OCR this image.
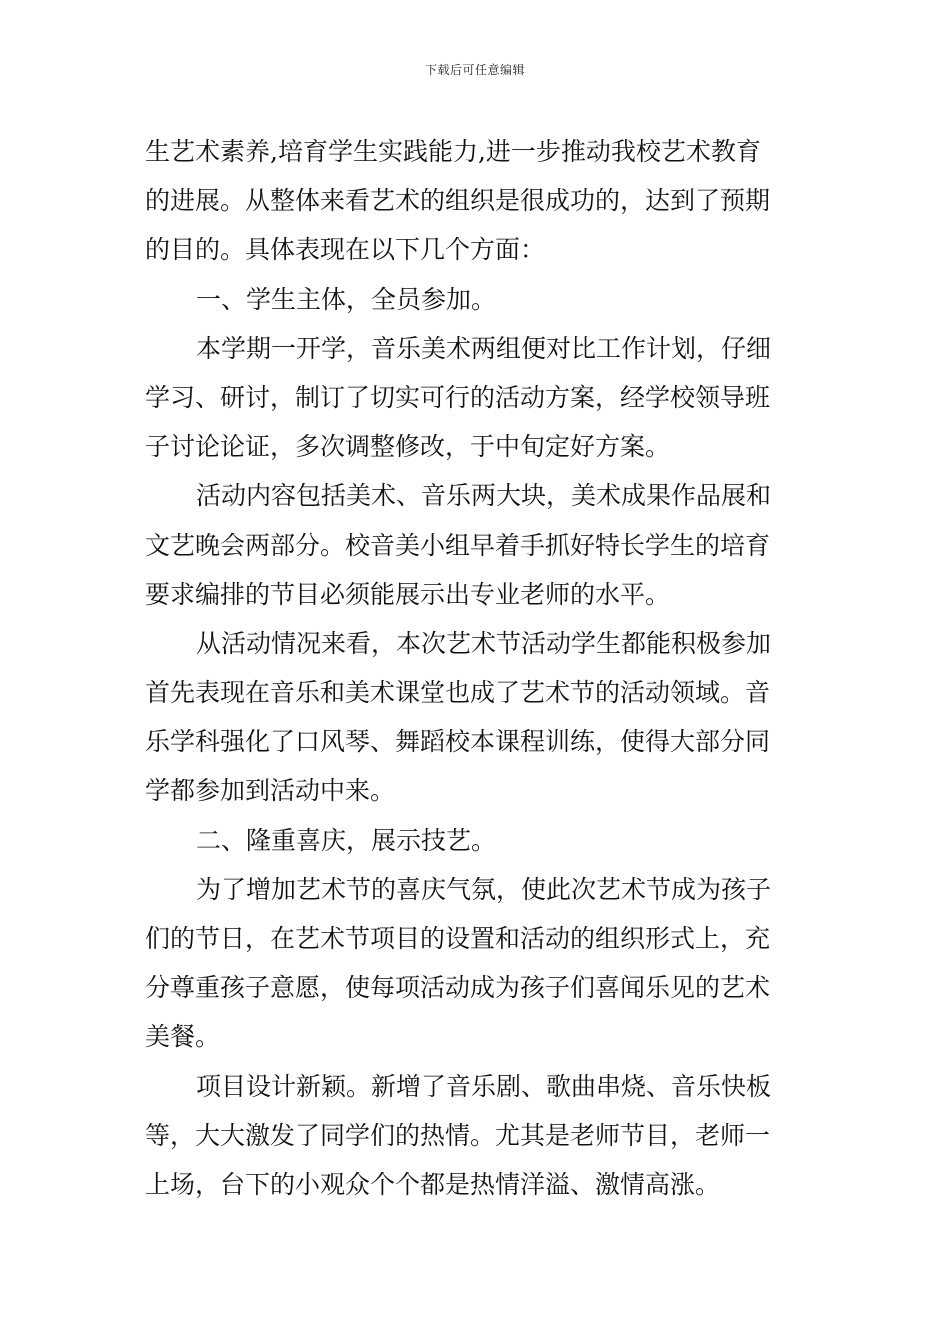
下载后可任意编辑
生艺术素养,培育学生实践能力,进一步推动我校艺术教育
的进展。从整体来看艺术的组织是很成功的，达到了预期
的目的。具体表现在以下几个方面：
一、学生主体，全员参加。
本学期一开学，音乐美术两组便对比工作计划，仔细
学习、研讨，制订了切实可行的活动方案，经学校领导班
子讨论论证，多次调整修改，于中旬定好方案。
活动内容包括美术、音乐两大块，美术成果作品展和
文艺晚会两部分。校音美小组早着手抓好特长学生的培育
要求编排的节目必须能展示出专业老师的水平。
从活动情况来看，本次艺术节活动学生都能积极参加
首先表现在音乐和美术课堂也成了艺术节的活动领域。音
乐学科强化了口风琴、舞蹈校本课程训练，使得大部分同
学都参加到活动中来。
二、隆重喜庆，展示技艺。
为了增加艺术节的喜庆气氛，使此次艺术节成为孩子
们的节日，在艺术节项目的设置和活动的组织形式上，充
分尊重孩子意愿，使每项活动成为孩子们喜闻乐见的艺术
美餐。
项目设计新颖。新增了音乐剧、歌曲串烧、音乐快板
等，大大激发了同学们的热情。尤其是老师节目，老师一
上场，台下的小观众个个都是热情洋溢、激情高涨。
